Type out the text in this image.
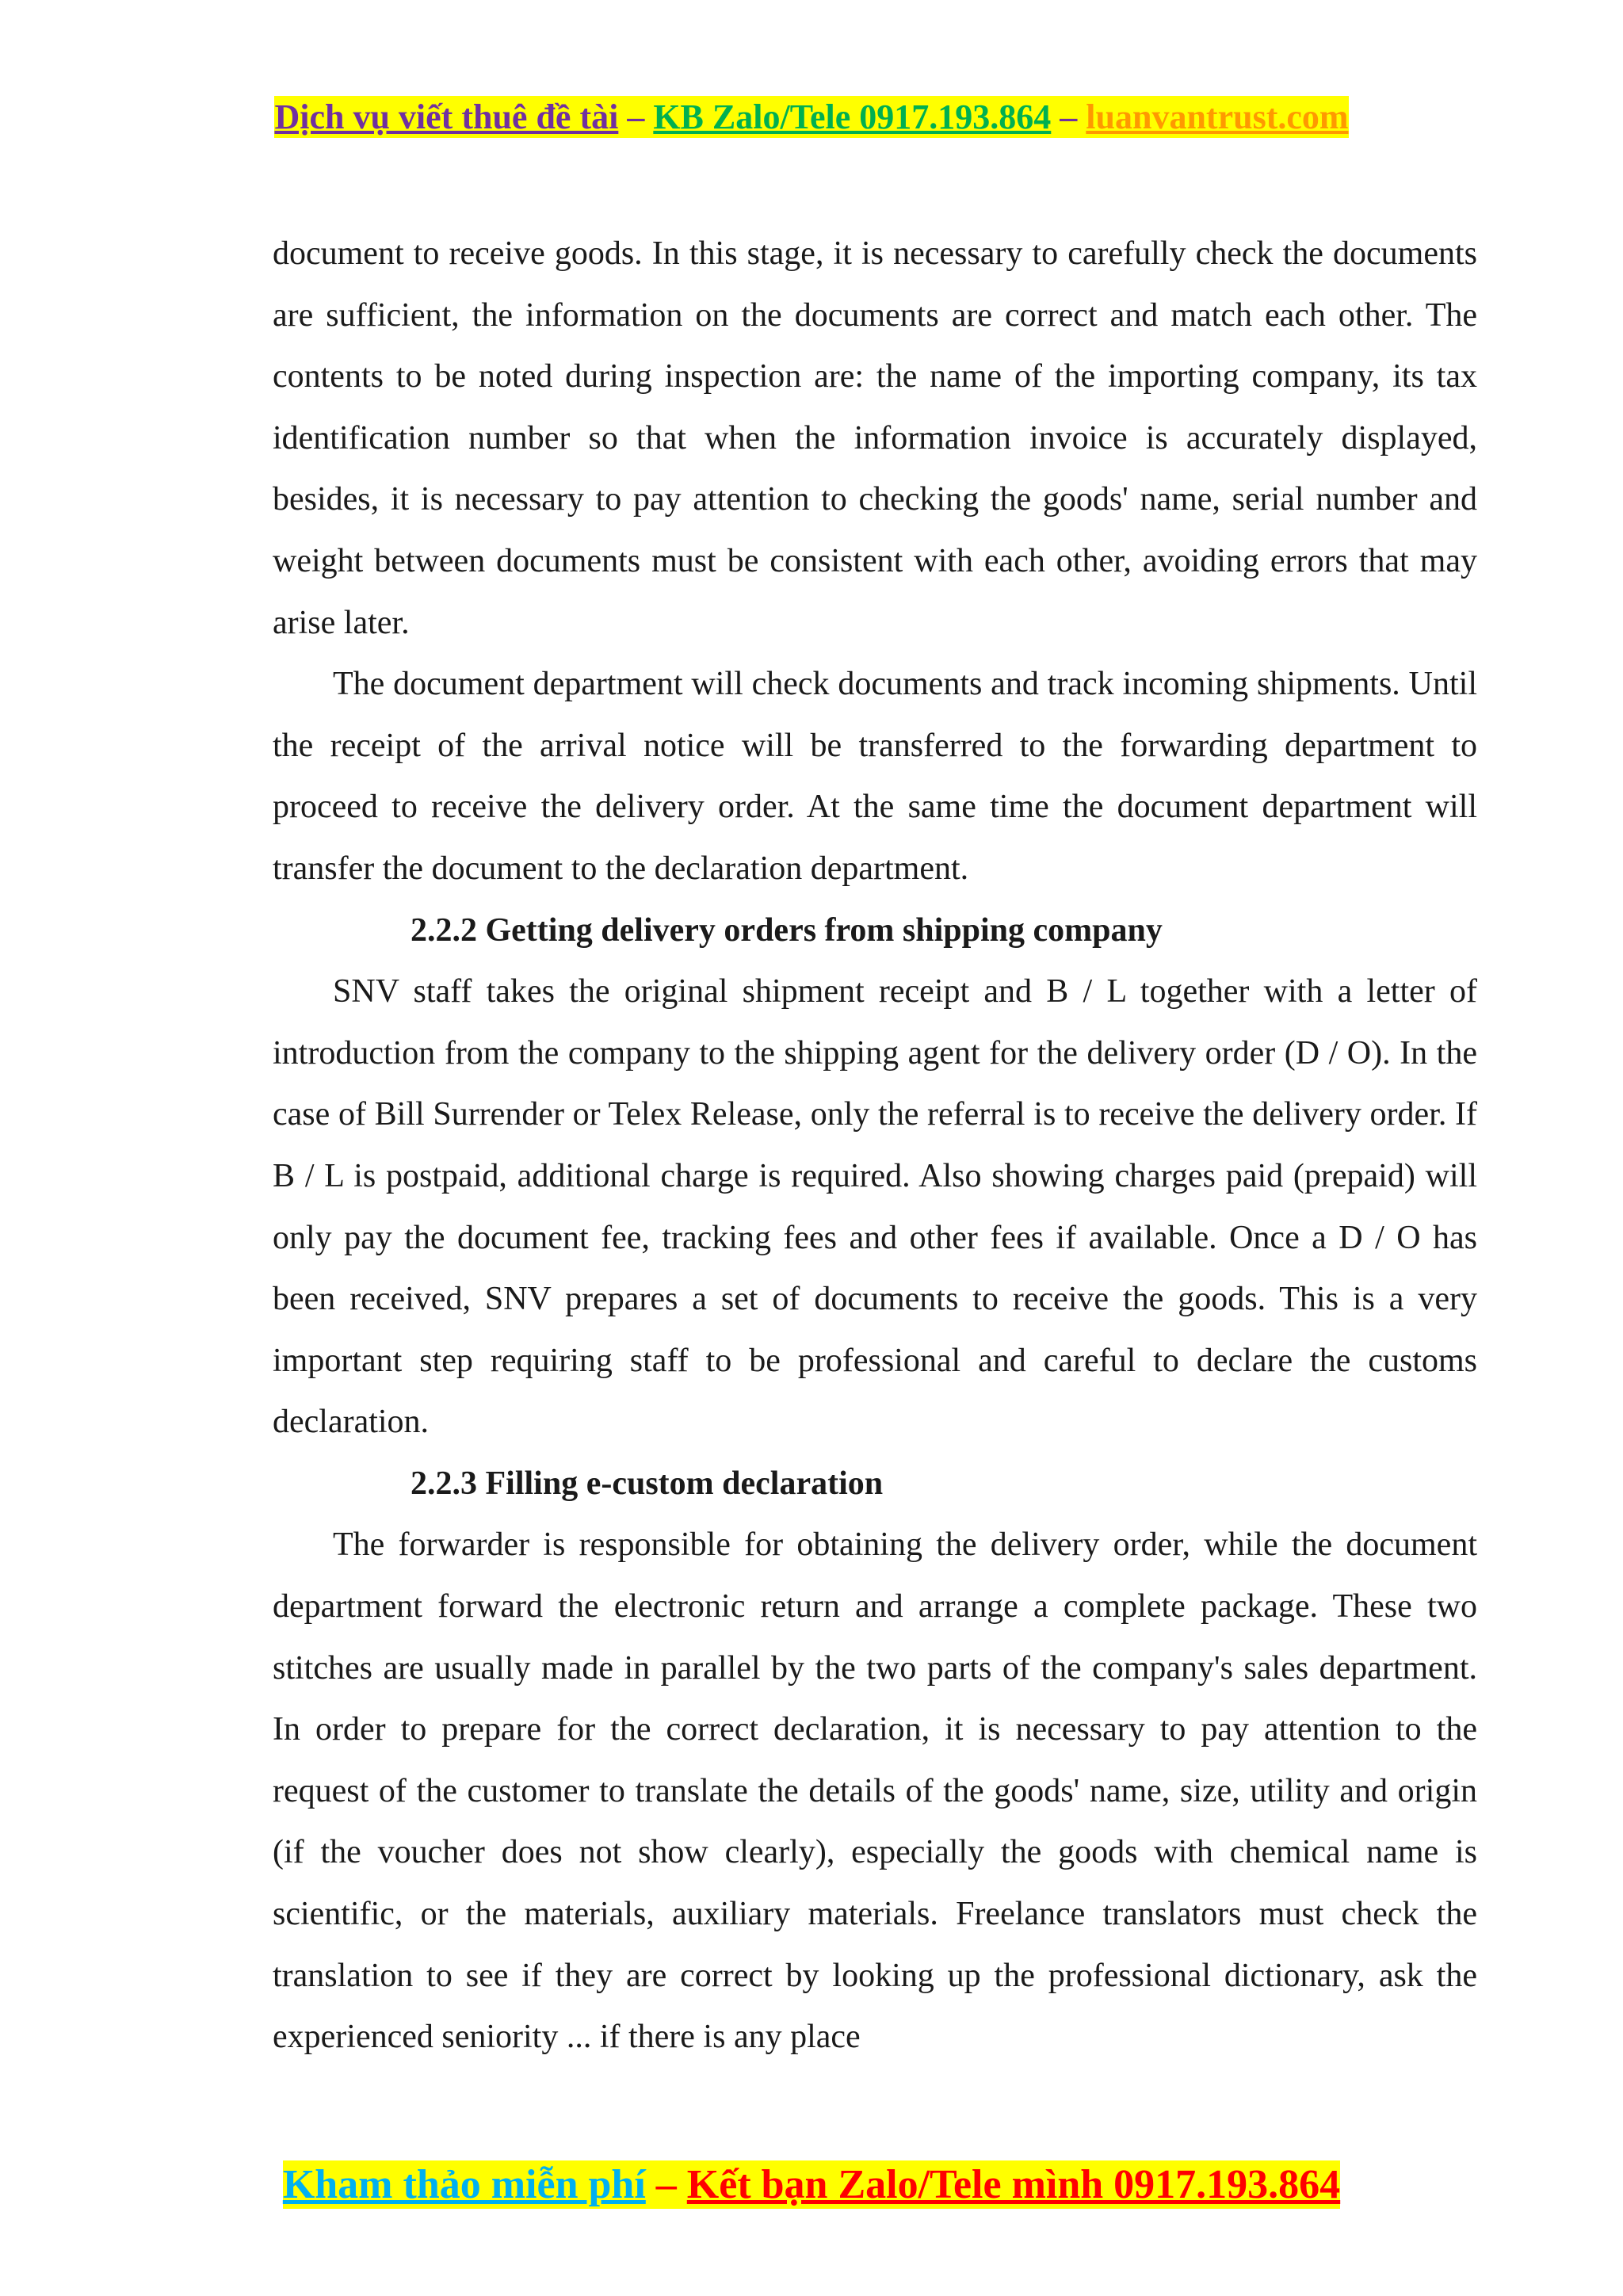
Dịch vụ viết thuê đề tài – KB Zalo/Tele 0917.193.864 – luanvantrust.com

document to receive goods. In this stage, it is necessary to carefully check the documents are sufficient, the information on the documents are correct and match each other. The contents to be noted during inspection are: the name of the importing company, its tax identification number so that when the information invoice is accurately displayed, besides, it is necessary to pay attention to checking the goods' name, serial number and weight between documents must be consistent with each other, avoiding errors that may arise later.

The document department will check documents and track incoming shipments. Until the receipt of the arrival notice will be transferred to the forwarding department to proceed to receive the delivery order. At the same time the document department will transfer the document to the declaration department.

2.2.2 Getting delivery orders from shipping company

SNV staff takes the original shipment receipt and B / L together with a letter of introduction from the company to the shipping agent for the delivery order (D / O). In the case of Bill Surrender or Telex Release, only the referral is to receive the delivery order. If B / L is postpaid, additional charge is required. Also showing charges paid (prepaid) will only pay the document fee, tracking fees and other fees if available. Once a D / O has been received, SNV prepares a set of documents to receive the goods. This is a very important step requiring staff to be professional and careful to declare the customs declaration.

2.2.3 Filling e-custom declaration

The forwarder is responsible for obtaining the delivery order, while the document department forward the electronic return and arrange a complete package. These two stitches are usually made in parallel by the two parts of the company's sales department. In order to prepare for the correct declaration, it is necessary to pay attention to the request of the customer to translate the details of the goods' name, size, utility and origin (if the voucher does not show clearly), especially the goods with chemical name is scientific, or the materials, auxiliary materials. Freelance translators must check the translation to see if they are correct by looking up the professional dictionary, ask the experienced seniority ... if there is any place

Kham thảo miễn phí – Kết bạn Zalo/Tele mình 0917.193.864
